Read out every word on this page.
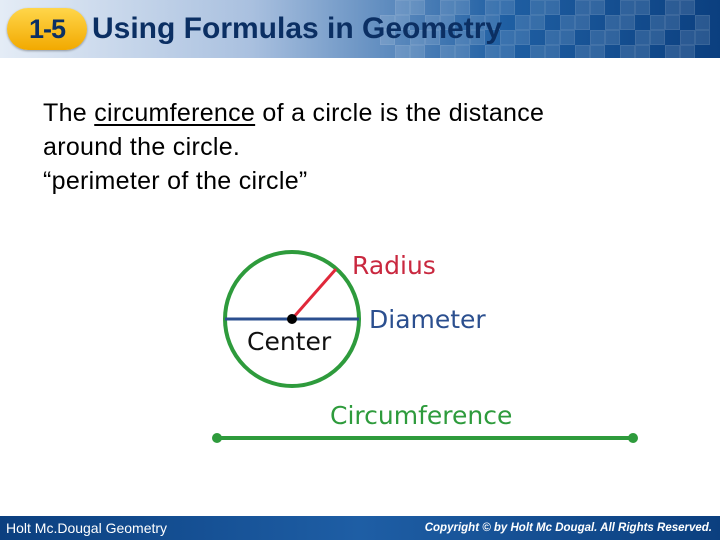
1-5 Using Formulas in Geometry
The circumference of a circle is the distance
around the circle.
“perimeter of the circle”
Radius
Diameter
Center
Circumference
Holt Mc.Dougal Geometry	Copyright © by Holt Mc Dougal. All Rights Reserved.
